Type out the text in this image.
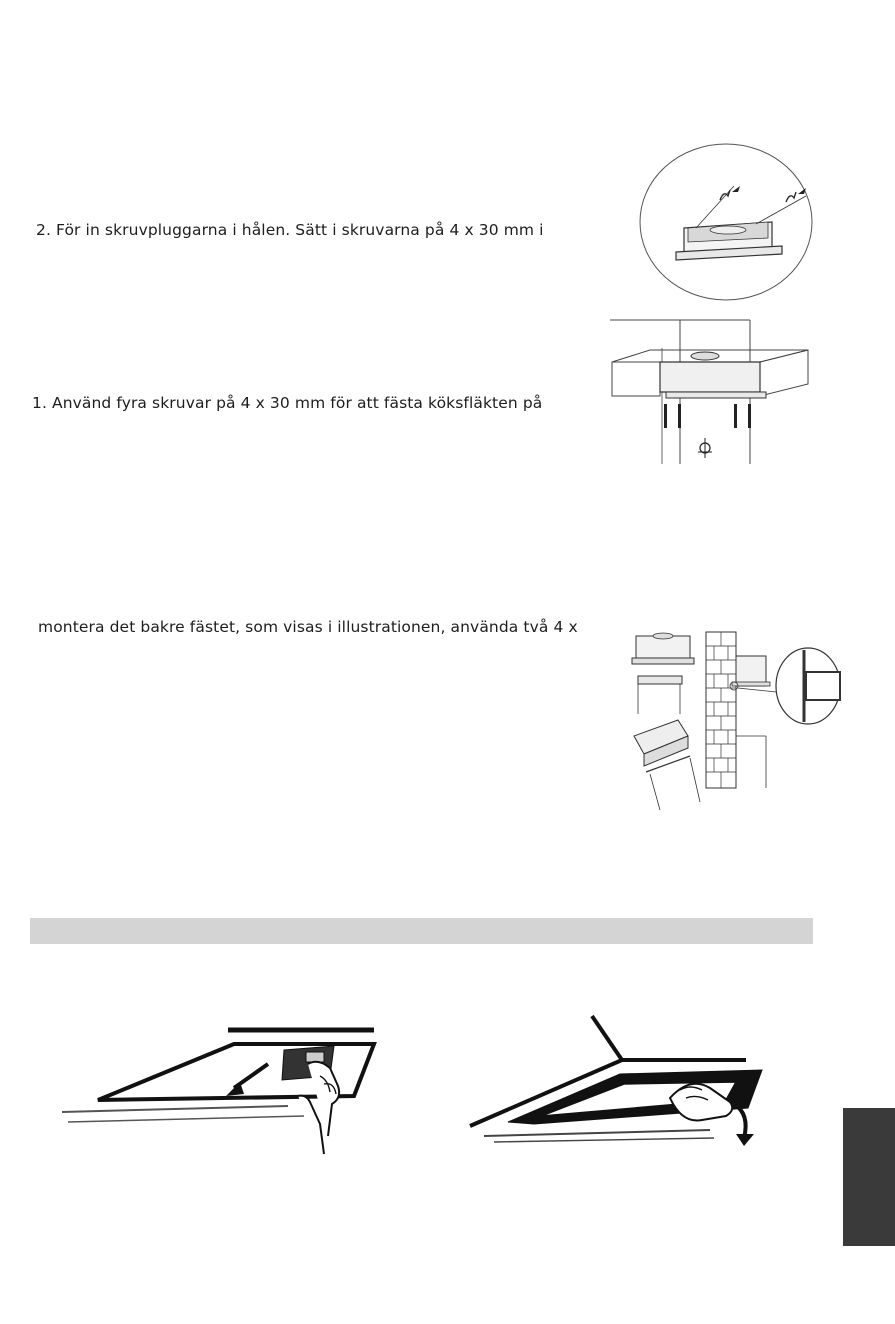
2. För in skruvpluggarna i hålen. Sätt i skruvarna på 4 x 30 mm i
1. Använd fyra skruvar på 4 x 30 mm för att fästa köksfläkten på
montera det bakre fästet, som visas i illustrationen, använda två 4 x
